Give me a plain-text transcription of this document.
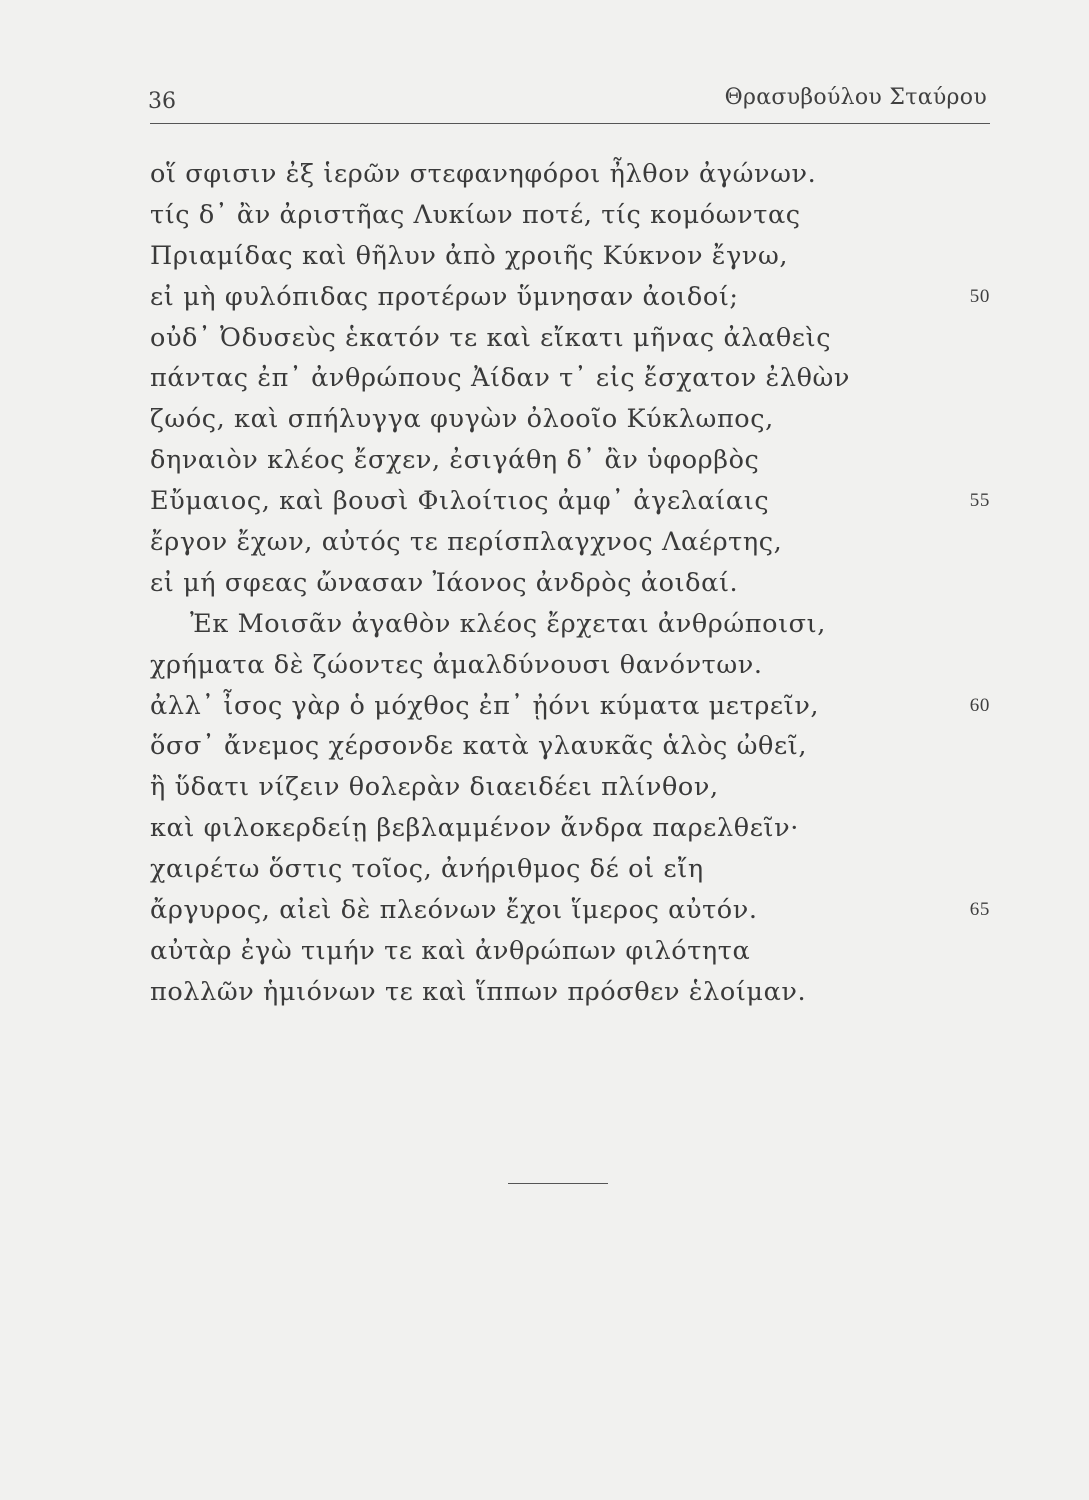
36	Θρασυβούλου Σταύρου
οἵ σφισιν ἐξ ἱερῶν στεφανηφόροι ἦλθον ἀγώνων.
τίς δ᾽ ἂν ἀριστῆας Λυκίων ποτέ, τίς κομόωντας
Πριαμίδας καὶ θῆλυν ἀπὸ χροιῆς Κύκνον ἔγνω,
εἰ μὴ φυλόπιδας προτέρων ὕμνησαν ἀοιδοί;	50
οὐδ᾽ Ὀδυσεὺς ἑκατόν τε καὶ εἴκατι μῆνας ἀλαθεὶς
πάντας ἐπ᾽ ἀνθρώπους Ἀίδαν τ᾽ εἰς ἔσχατον ἐλθὼν
ζωός, καὶ σπήλυγγα φυγὼν ὀλοοῖο Κύκλωπος,
δηναιὸν κλέος ἔσχεν, ἐσιγάθη δ᾽ ἂν ὑφορβὸς
Εὔμαιος, καὶ βουσὶ Φιλοίτιος ἀμφ᾽ ἀγελαίαις	55
ἔργον ἔχων, αὐτός τε περίσπλαγχνος Λαέρτης,
εἰ μή σφεας ὤνασαν Ἰάονος ἀνδρὸς ἀοιδαί.
Ἐκ Μοισᾶν ἀγαθὸν κλέος ἔρχεται ἀνθρώποισι,
χρήματα δὲ ζώοντες ἀμαλδύνουσι θανόντων.
ἀλλ᾽ ἶσος γὰρ ὁ μόχθος ἐπ᾽ ᾐόνι κύματα μετρεῖν,	60
ὅσσ᾽ ἄνεμος χέρσονδε κατὰ γλαυκᾶς ἁλὸς ὠθεῖ,
ἢ ὕδατι νίζειν θολερὰν διαειδέει πλίνθον,
καὶ φιλοκερδείῃ βεβλαμμένον ἄνδρα παρελθεῖν·
χαιρέτω ὅστις τοῖος, ἀνήριθμος δέ οἱ εἴη
ἄργυρος, αἰεὶ δὲ πλεόνων ἔχοι ἵμερος αὐτόν.	65
αὐτὰρ ἐγὼ τιμήν τε καὶ ἀνθρώπων φιλότητα
πολλῶν ἡμιόνων τε καὶ ἵππων πρόσθεν ἑλοίμαν.
